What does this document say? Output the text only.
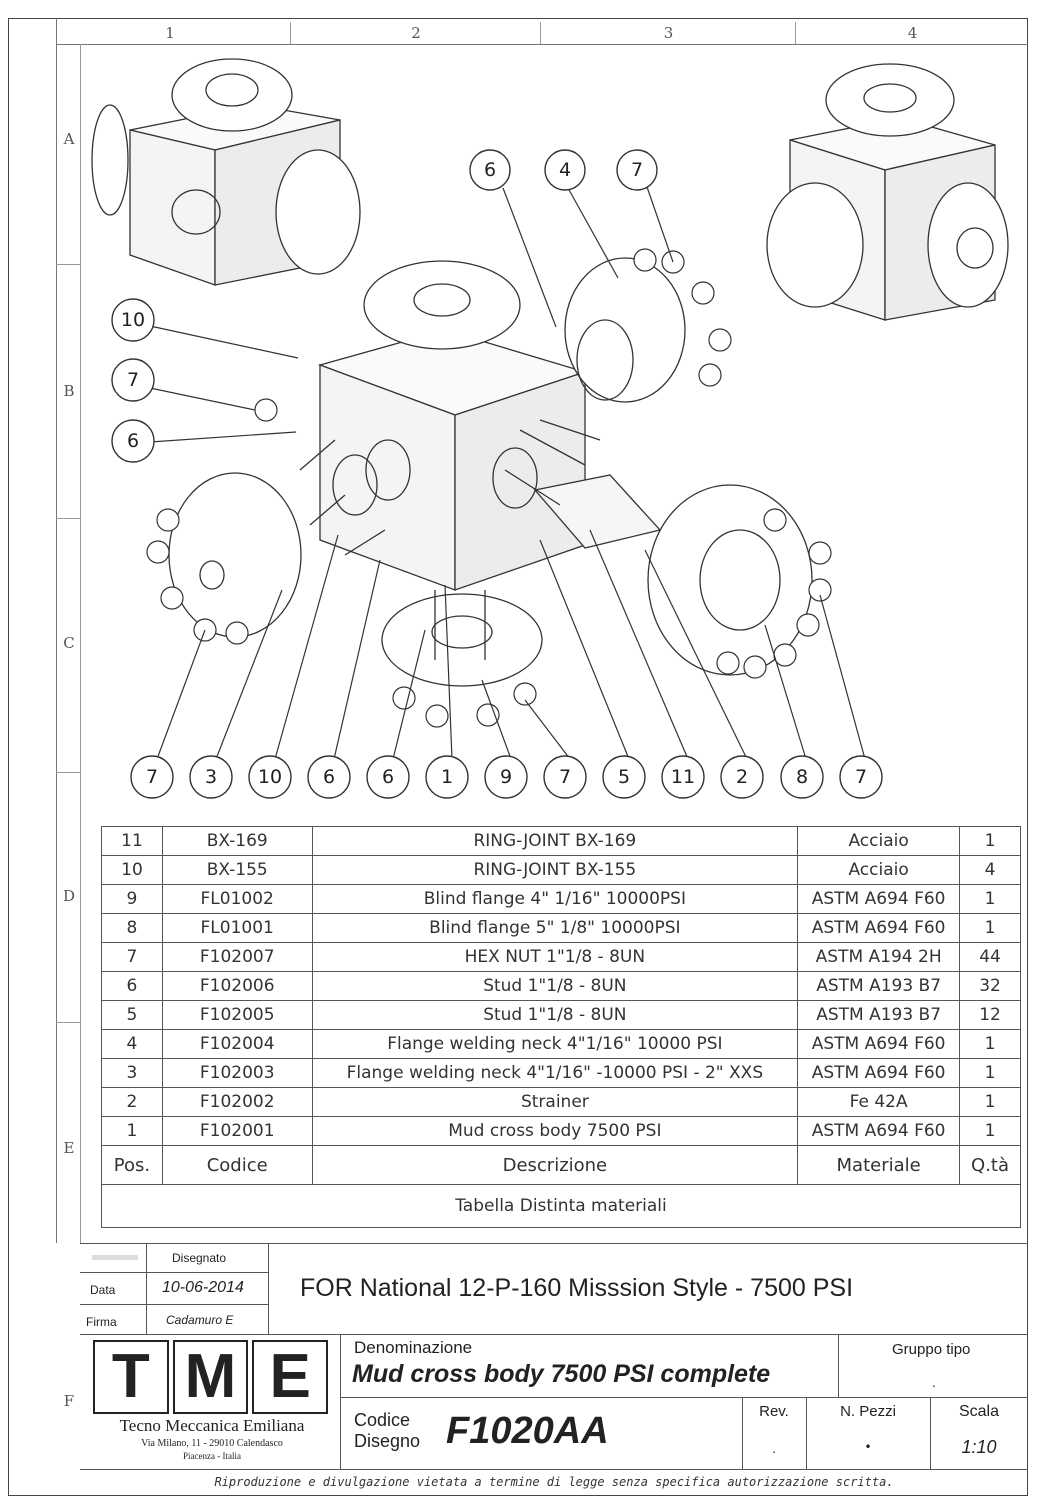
1	2	3	4
A
B
C
D
E
F
6	4	7
10
7
6
7 3 10 6 6 1 9 7 5 11 2	8 7
11	BX-169	RING-JOINT BX-169	Acciaio	1
10	BX-155	RING-JOINT BX-155	Acciaio	4
9	FL01002	Blind flange 4" 1/16" 10000PSI	ASTM A694 F60	1
8	FL01001	Blind flange 5" 1/8" 10000PSI	ASTM A694 F60	1
7	F102007	HEX NUT 1"1/8 - 8UN	ASTM A194 2H	44
6	F102006	Stud 1"1/8 - 8UN	ASTM A193 B7	32
5	F102005	Stud 1"1/8 - 8UN	ASTM A193 B7	12
4	F102004	Flange welding neck 4"1/16" 10000 PSI	ASTM A694 F60	1
3	F102003	Flange welding neck 4"1/16" -10000 PSI - 2" XXS	ASTM A694 F60	1
2	F102002	Strainer	Fe 42A	1
1	F102001	Mud cross body 7500 PSI	ASTM A694 F60	1
Pos.	Codice	Descrizione	Materiale	Q.tà
Tabella Distinta materiali				
Disegnato
Data	10-06-2014
Firma	Cadamuro E
FOR National 12-P-160 Misssion Style - 7500 PSI
T M E
Tecno Meccanica Emiliana
Via Milano, 11 - 29010 Calendasco
Piacenza - Italia
Denominazione
Mud cross body 7500 PSI complete
Gruppo tipo
.
Codice
Disegno F1020AA	Rev.
.
N. Pezzi
•
Scala
1:10
Riproduzione e divulgazione vietata a termine di legge senza specifica autorizzazione scritta.
